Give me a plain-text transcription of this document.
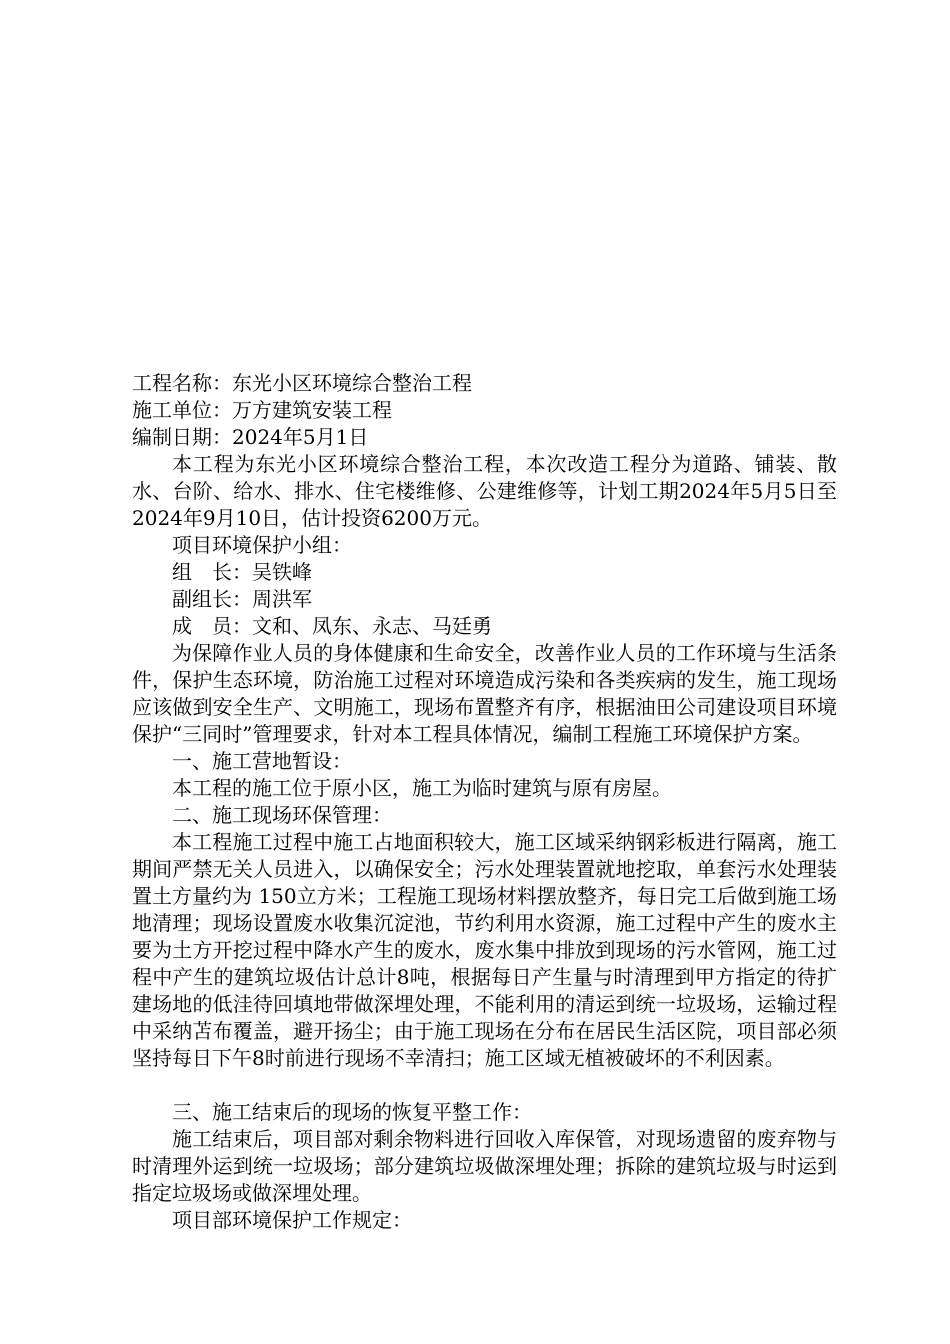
工程名称：东光小区环境综合整治工程

施工单位：万方建筑安装工程

编制日期：2024年5月1日

本工程为东光小区环境综合整治工程，本次改造工程分为道路、铺装、散水、台阶、给水、排水、住宅楼维修、公建维修等，计划工期2024年5月5日至2024年9月10日，估计投资6200万元。

项目环境保护小组：

组　长：吴铁峰

副组长：周洪军

成　员：文和、凤东、永志、马廷勇

为保障作业人员的身体健康和生命安全，改善作业人员的工作环境与生活条件，保护生态环境，防治施工过程对环境造成污染和各类疾病的发生，施工现场应该做到安全生产、文明施工，现场布置整齐有序，根据油田公司建设项目环境保护“三同时”管理要求，针对本工程具体情况，编制工程施工环境保护方案。

一、施工营地暂设：

本工程的施工位于原小区，施工为临时建筑与原有房屋。

二、施工现场环保管理：

本工程施工过程中施工占地面积较大，施工区域采纳钢彩板进行隔离，施工期间严禁无关人员进入，以确保安全；污水处理装置就地挖取，单套污水处理装置土方量约为 150立方米；工程施工现场材料摆放整齐，每日完工后做到施工场地清理；现场设置废水收集沉淀池，节约利用水资源，施工过程中产生的废水主要为土方开挖过程中降水产生的废水，废水集中排放到现场的污水管网，施工过程中产生的建筑垃圾估计总计8吨，根据每日产生量与时清理到甲方指定的待扩建场地的低洼待回填地带做深埋处理，不能利用的清运到统一垃圾场，运输过程中采纳苫布覆盖，避开扬尘；由于施工现场在分布在居民生活区院，项目部必须坚持每日下午8时前进行现场不幸清扫；施工区域无植被破坏的不利因素。

三、施工结束后的现场的恢复平整工作：

施工结束后，项目部对剩余物料进行回收入库保管，对现场遗留的废弃物与时清理外运到统一垃圾场；部分建筑垃圾做深埋处理；拆除的建筑垃圾与时运到指定垃圾场或做深埋处理。

项目部环境保护工作规定：
